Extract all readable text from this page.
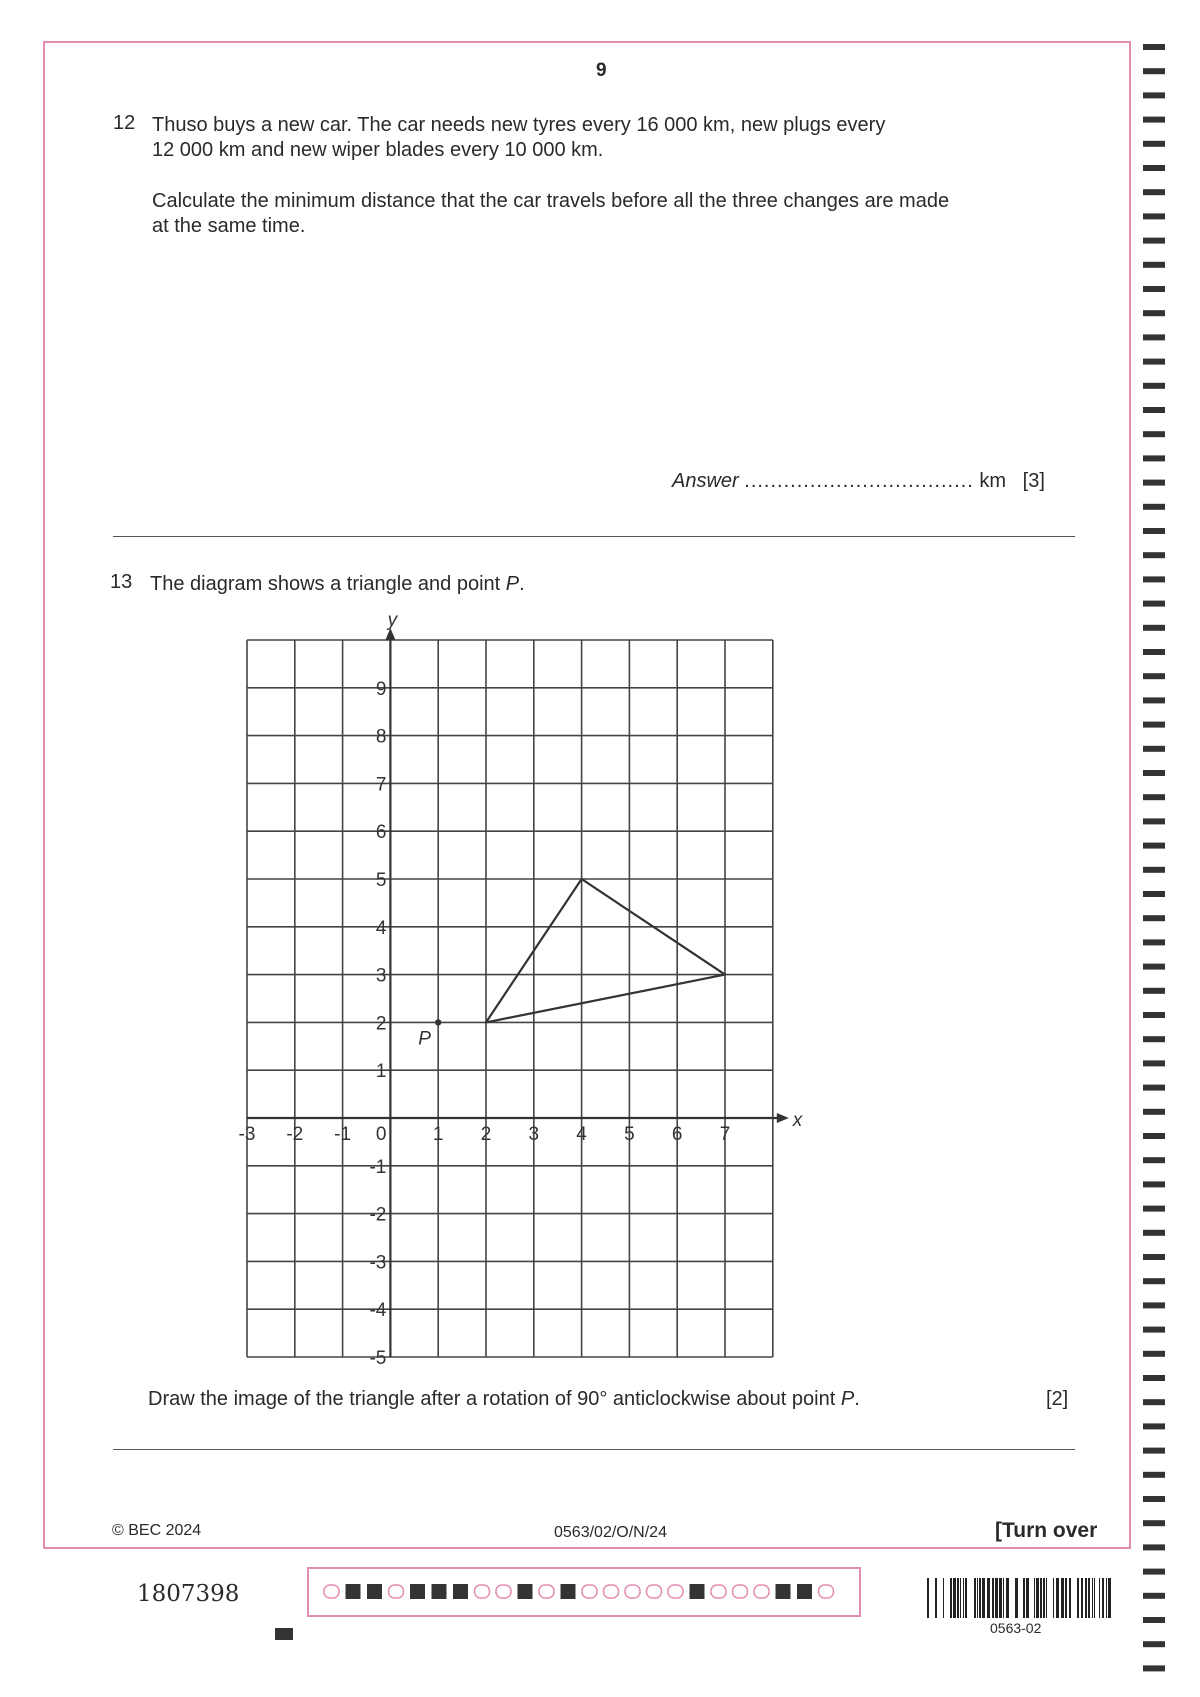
9
12 Thuso buys a new car. The car needs new tyres every 16 000 km, new plugs every
12 000 km and new wiper blades every 10 000 km.
Calculate the minimum distance that the car travels before all the three changes are made
at the same time.
Answer ................................... km [3]
13 The diagram shows a triangle and point P.
x
y
-3 -2 -1	1 2 3 4 5 6 7
9
8
7
6
5
4
3
2
1
-1
-2
-3
-4
-5
0
P
Draw the image of the triangle after a rotation of 90° anticlockwise about point P.	[2]
© BEC 2024	0563/02/O/N/24	[Turn over
1807398
0563-02
